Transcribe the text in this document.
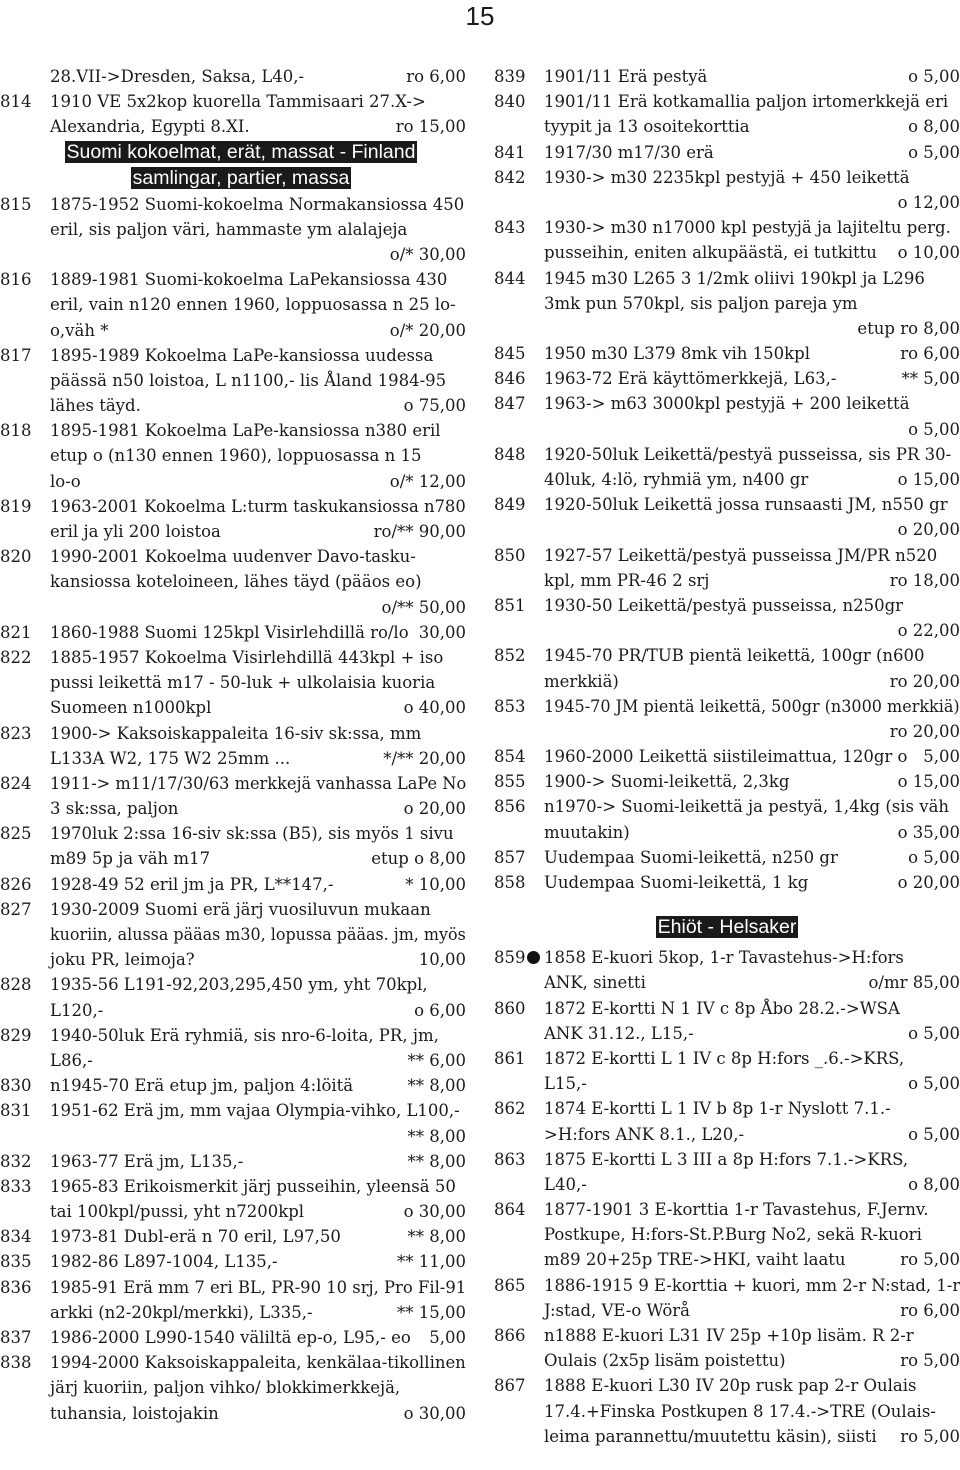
15
28.VII->Dresden, Saksa, L40,-	ro 6,00
814 1910 VE 5x2kop kuorella Tammisaari 27.X->
Alexandria, Egypti 8.XI.	ro 15,00
Suomi kokoelmat, erät, massat - Finland
samlingar, partier, massa
815 1875-1952 Suomi-kokoelma Normakansiossa 450
eril, sis paljon väri, hammaste ym alalajeja
o/* 30,00
816 1889-1981 Suomi-kokoelma LaPekansiossa 430
eril, vain n120 ennen 1960, loppuosassa n 25 lo-
o,väh *	o/* 20,00
817 1895-1989 Kokoelma LaPe-kansiossa uudessa
päässä n50 loistoa, L n1100,- lis Åland 1984-95
lähes täyd.	o 75,00
818 1895-1981 Kokoelma LaPe-kansiossa n380 eril
etup o (n130 ennen 1960), loppuosassa n 15
lo-o	o/* 12,00
819 1963-2001 Kokoelma L:turm taskukansiossa n780
eril ja yli 200 loistoa	ro/** 90,00
820 1990-2001 Kokoelma uudenver Davo-tasku-
kansiossa koteloineen, lähes täyd (pääos eo)
o/** 50,00
821 1860-1988 Suomi 125kpl Visirlehdillä ro/lo 30,00
822 1885-1957 Kokoelma Visirlehdillä 443kpl + iso
pussi leikettä m17 - 50-luk + ulkolaisia kuoria
Suomeen n1000kpl	o 40,00
823 1900-> Kaksoiskappaleita 16-siv sk:ssa, mm
L133A W2, 175 W2 25mm ...	*/** 20,00
824 1911-> m11/17/30/63 merkkejä vanhassa LaPe No
3 sk:ssa, paljon	o 20,00
825 1970luk 2:ssa 16-siv sk:ssa (B5), sis myös 1 sivu
m89 5p ja väh m17	etup o 8,00
826 1928-49 52 eril jm ja PR, L**147,-	* 10,00
827 1930-2009 Suomi erä järj vuosiluvun mukaan
kuoriin, alussa pääas m30, lopussa pääas. jm, myös
joku PR, leimoja?	10,00
828 1935-56 L191-92,203,295,450 ym, yht 70kpl,
L120,-	o 6,00
829 1940-50luk Erä ryhmiä, sis nro-6-loita, PR, jm,
L86,-	** 6,00
830 n1945-70 Erä etup jm, paljon 4:löitä	** 8,00
831 1951-62 Erä jm, mm vajaa Olympia-vihko, L100,-
** 8,00
832 1963-77 Erä jm, L135,-	** 8,00
833 1965-83 Erikoismerkit järj pusseihin, yleensä 50
tai 100kpl/pussi, yht n7200kpl	o 30,00
834 1973-81 Dubl-erä n 70 eril, L97,50	** 8,00
835 1982-86 L897-1004, L135,-	** 11,00
836 1985-91 Erä mm 7 eri BL, PR-90 10 srj, Pro Fil-91
arkki (n2-20kpl/merkki), L335,-	** 15,00
837 1986-2000 L990-1540 väliltä ep-o, L95,- eo 5,00
838 1994-2000 Kaksoiskappaleita, kenkälaa-tikollinen
järj kuoriin, paljon vihko/ blokkimerkkejä,
tuhansia, loistojakin	o 30,00
839 1901/11 Erä pestyä	o 5,00
840 1901/11 Erä kotkamallia paljon irtomerkkejä eri
tyypit ja 13 osoitekorttia	o 8,00
841 1917/30 m17/30 erä	o 5,00
842 1930-> m30 2235kpl pestyjä + 450 leikettä
o 12,00
843 1930-> m30 n17000 kpl pestyjä ja lajiteltu perg.
pusseihin, eniten alkupäästä, ei tutkittu o 10,00
844 1945 m30 L265 3 1/2mk oliivi 190kpl ja L296
3mk pun 570kpl, sis paljon pareja ym
etup ro 8,00
845 1950 m30 L379 8mk vih 150kpl	ro 6,00
846 1963-72 Erä käyttömerkkejä, L63,-	** 5,00
847 1963-> m63 3000kpl pestyjä + 200 leikettä
o 5,00
848 1920-50luk Leikettä/pestyä pusseissa, sis PR 30-
40luk, 4:lö, ryhmiä ym, n400 gr	o 15,00
849 1920-50luk Leikettä jossa runsaasti JM, n550 gr
o 20,00
850 1927-57 Leikettä/pestyä pusseissa JM/PR n520
kpl, mm PR-46 2 srj	ro 18,00
851 1930-50 Leikettä/pestyä pusseissa, n250gr
o 22,00
852 1945-70 PR/TUB pientä leikettä, 100gr (n600
merkkiä)	ro 20,00
853 1945-70 JM pientä leikettä, 500gr (n3000 merkkiä)
ro 20,00
854 1960-2000 Leikettä siistileimattua, 120gr o 5,00
855 1900-> Suomi-leikettä, 2,3kg	o 15,00
856 n1970-> Suomi-leikettä ja pestyä, 1,4kg (sis väh
muutakin)	o 35,00
857 Uudempaa Suomi-leikettä, n250 gr	o 5,00
858 Uudempaa Suomi-leikettä, 1 kg	o 20,00
Ehiöt - Helsaker
859	1858 E-kuori 5kop, 1-r Tavastehus->H:fors
ANK, sinetti	o/mr 85,00
860 1872 E-kortti N 1 IV c 8p Åbo 28.2.->WSA
ANK 31.12., L15,-	o 5,00
861 1872 E-kortti L 1 IV c 8p H:fors _.6.->KRS,
L15,-	o 5,00
862 1874 E-kortti L 1 IV b 8p 1-r Nyslott 7.1.-
>H:fors ANK 8.1., L20,-	o 5,00
863 1875 E-kortti L 3 III a 8p H:fors 7.1.->KRS,
L40,-	o 8,00
864 1877-1901 3 E-korttia 1-r Tavastehus, F.Jernv.
Postkupe, H:fors-St.P.Burg No2, sekä R-kuori
m89 20+25p TRE->HKI, vaiht laatu	ro 5,00
865 1886-1915 9 E-korttia + kuori, mm 2-r N:stad, 1-r
J:stad, VE-o Wörå	ro 6,00
866 n1888 E-kuori L31 IV 25p +10p lisäm. R 2-r
Oulais (2x5p lisäm poistettu)	ro 5,00
867 1888 E-kuori L30 IV 20p rusk pap 2-r Oulais
17.4.+Finska Postkupen 8 17.4.->TRE (Oulais-
leima parannettu/muutettu käsin), siisti ro 5,00
